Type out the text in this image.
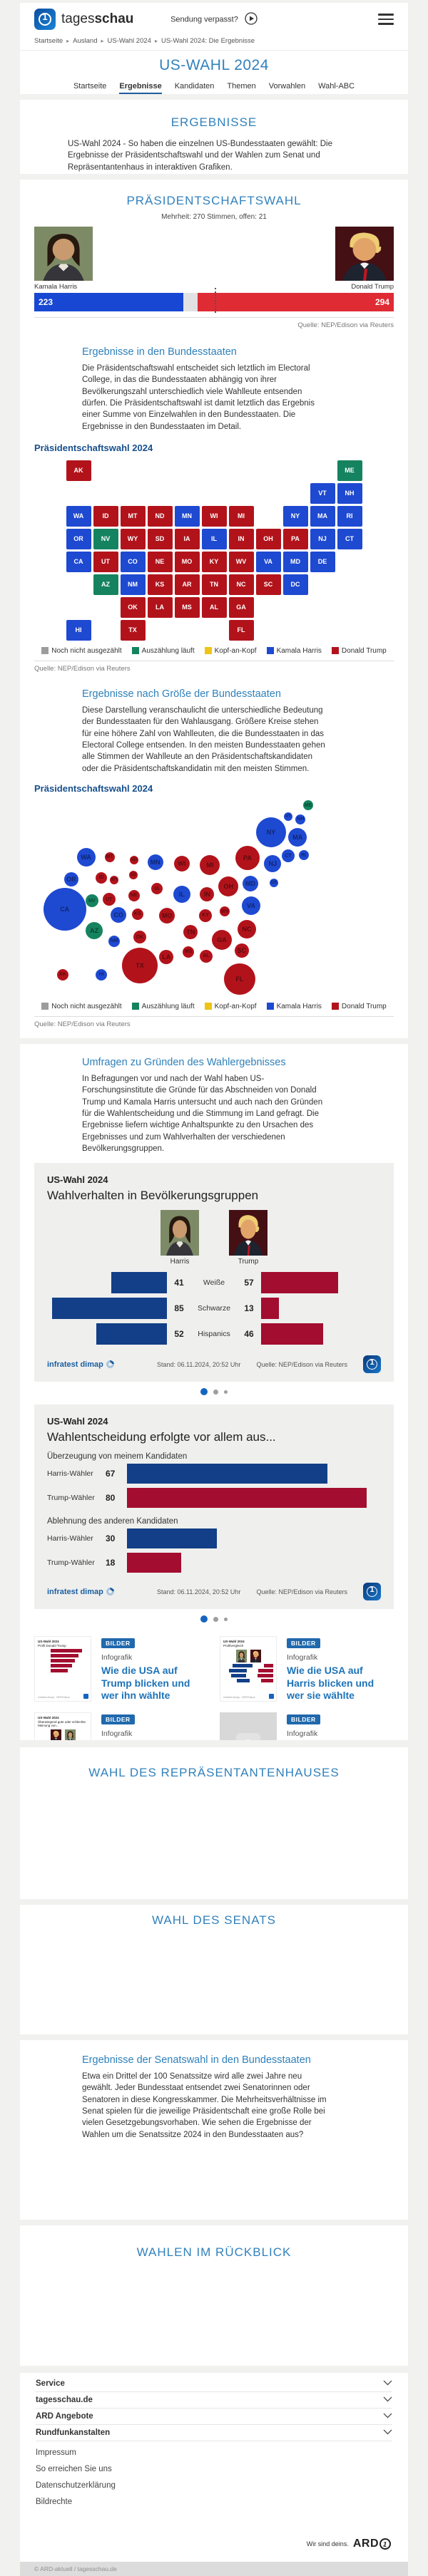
1	tagesschau	Sendung verpasst?
Startseite ▸ Ausland ▸ US-Wahl 2024 ▸ US-Wahl 2024: Die Ergebnisse
US-WAHL 2024
Startseite Ergebnisse Kandidaten Themen Vorwahlen Wahl-ABC
ERGEBNISSE

US-Wahl 2024 - So haben die einzelnen US-Bundesstaaten gewählt: Die Ergebnisse der Präsidentschaftswahl und der Wahlen zum Senat und Repräsentantenhaus in interaktiven Grafiken.

PRÄSIDENTSCHAFTSWAHL
Mehrheit: 270 Stimmen, offen: 21
Kamala Harris	Donald Trump
223	294
Quelle: NEP/Edison via Reuters
Ergebnisse in den Bundesstaaten

Die Präsidentschaftswahl entscheidet sich letztlich im Electoral College, in das die Bundesstaaten abhängig von ihrer Bevölkerungszahl unterschiedlich viele Wahlleute entsenden dürfen. Die Präsidentschaftswahl ist damit letztlich das Ergebnis einer Summe von Einzelwahlen in den Bundesstaaten. Die Ergebnisse in den Bundesstaaten im Detail.

Präsidentschaftswahl 2024
AK	ME
VT	NH
WA	ID	MT	ND	MN	WI	MI	NY	MA	RI
OR	NV	WY	SD	IA	IL	IN	OH	PA	NJ	CT
CA	UT	CO	NE	MO	KY	WV	VA	MD	DE
AZ	NM	KS	AR	TN	NC	SC	DC
OK	LA	MS	AL	GA
HI	TX	FL
Noch nicht ausgezählt	Auszählung läuft	Kopf-an-Kopf	Kamala Harris	Donald Trump
Quelle: NEP/Edison via Reuters
Ergebnisse nach Größe der Bundesstaaten

Diese Darstellung veranschaulicht die unterschiedliche Bedeutung der Bundesstaaten für den Wahlausgang. Größere Kreise stehen für eine höhere Zahl von Wahlleuten, die die Bundesstaaten in das Electoral College entsenden. In den meisten Bundesstaaten gehen alle Stimmen der Wahlleute an den Präsidentschaftskandidaten oder die Präsidentschaftskandidatin mit den meisten Stimmen.

Präsidentschaftswahl 2024
ME
VT
NH
NY
MA
WA	MT
ND	MN	WI	MI
PA
NJ
CT	RI
OR	ID	WY
SD
IA
IL	IN
OH	MD	DE
CA
NV	UT
NE
CO	KS	MO	KY
WV
VA
NC
AZ
NM
OK
TN
GA
SC
MS
AL
LA
TX
AK	HI
FL
Noch nicht ausgezählt	Auszählung läuft	Kopf-an-Kopf	Kamala Harris	Donald Trump
Quelle: NEP/Edison via Reuters
Umfragen zu Gründen des Wahlergebnisses

In Befragungen vor und nach der Wahl haben US-Forschungsinstitute die Gründe für das Abschneiden von Donald Trump und Kamala Harris untersucht und auch nach den Gründen für die Wahlentscheidung und die Stimmung im Land gefragt. Die Ergebnisse liefern wichtige Anhaltspunkte zu den Ursachen des Ergebnisses und zum Wahlverhalten der verschiedenen Bevölkerungsgruppen.

US-Wahl 2024
Wahlverhalten in Bevölkerungsgruppen
Harris	Trump
41	Weiße	57
85	Schwarze	13
52	Hispanics	46
infratest dimap	Stand: 06.11.2024, 20:52 Uhr Quelle: NEP/Edison via Reuters	1
US-Wahl 2024
Wahlentscheidung erfolgte vor allem aus...
Überzeugung von meinem Kandidaten
Harris-Wähler	67
Trump-Wähler	80
Ablehnung des anderen Kandidaten
Harris-Wähler	30
Trump-Wähler	18
infratest dimap	Stand: 06.11.2024, 20:52 Uhr Quelle: NEP/Edison via Reuters	1
US-Wahl 2024
Profil Donald Trump
infratest dimap · NEP/Edison
BILDER
Infografik
Wie die USA auf Trump blicken und wer ihn wählte
US-Wahl 2024
Profilvergleich
infratest dimap · NEP/Edison
BILDER
Infografik
Wie die USA auf Harris blicken und wer sie wählte
US-Wahl 2024
Überwiegend gute oder schlechte Meinung von...
BILDER
Infografik
BILDER
Infografik
WAHL DES REPRÄSENTANTENHAUSES
WAHL DES SENATS
Ergebnisse der Senatswahl in den Bundesstaaten

Etwa ein Drittel der 100 Senatssitze wird alle zwei Jahre neu gewählt. Jeder Bundesstaat entsendet zwei Senatorinnen oder Senatoren in diese Kongresskammer. Die Mehrheitsverhältnisse im Senat spielen für die jeweilige Präsidentschaft eine große Rolle bei vielen Gesetzgebungsvorhaben. Wie sehen die Ergebnisse der Wahlen um die Senatssitze 2024 in den Bundesstaaten aus?

WAHLEN IM RÜCKBLICK
Service
tagesschau.de
ARD Angebote
Rundfunkanstalten
Impressum
So erreichen Sie uns
Datenschutzerklärung
Bildrechte
Wir sind deins. ARD 1
© ARD-aktuell / tagesschau.de
